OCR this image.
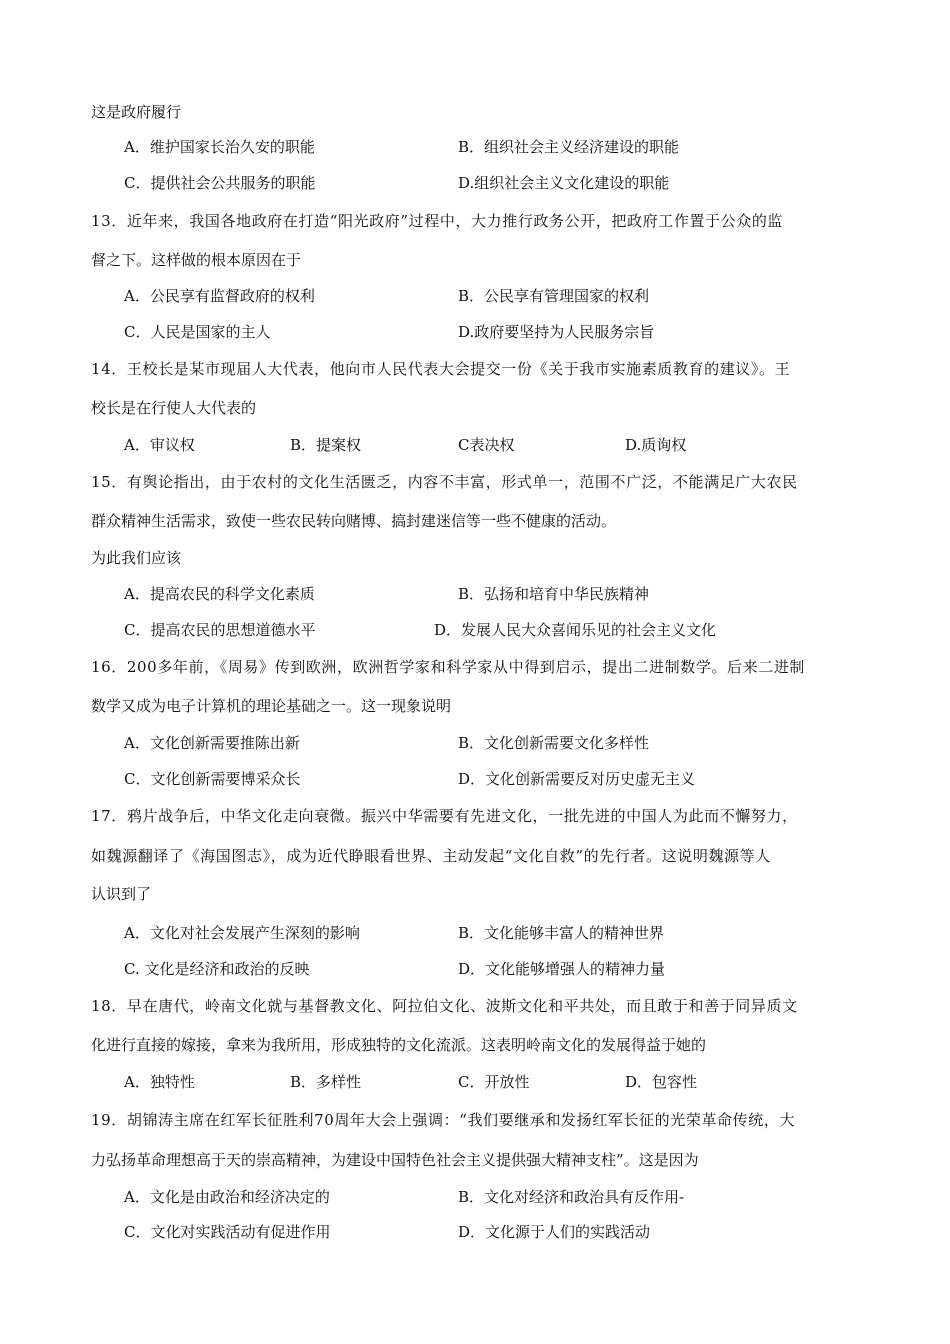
这是政府履行
A．维护国家长治久安的职能	B．组织社会主义经济建设的职能
C．提供社会公共服务的职能	D.组织社会主义文化建设的职能
13．近年来，我国各地政府在打造“阳光政府”过程中，大力推行政务公开，把政府工作置于公众的监
督之下。这样做的根本原因在于
A．公民享有监督政府的权利	B．公民享有管理国家的权利
C．人民是国家的主人	D.政府要坚持为人民服务宗旨
14．王校长是某市现届人大代表，他向市人民代表大会提交一份《关于我市实施素质教育的建议》。王
校长是在行使人大代表的
A．审议权	B．提案权	C表决权	D.质询权
15．有舆论指出，由于农村的文化生活匮乏，内容不丰富，形式单一，范围不广泛，不能满足广大农民
群众精神生活需求，致使一些农民转向赌博、搞封建迷信等一些不健康的活动。
为此我们应该
A．提高农民的科学文化素质	B．弘扬和培育中华民族精神
C．提高农民的思想道德水平	D．发展人民大众喜闻乐见的社会主义文化
16．200多年前，《周易》传到欧洲，欧洲哲学家和科学家从中得到启示，提出二进制数学。后来二进制
数学又成为电子计算机的理论基础之一。这一现象说明
A．文化创新需要推陈出新	B．文化创新需要文化多样性
C．文化创新需要博采众长	D．文化创新需要反对历史虚无主义
17．鸦片战争后，中华文化走向衰微。振兴中华需要有先进文化，一批先进的中国人为此而不懈努力，
如魏源翻译了《海国图志》，成为近代睁眼看世界、主动发起“文化自救”的先行者。这说明魏源等人
认识到了
A．文化对社会发展产生深刻的影响	B．文化能够丰富人的精神世界
C. 文化是经济和政治的反映	D．文化能够增强人的精神力量
18．早在唐代，岭南文化就与基督教文化、阿拉伯文化、波斯文化和平共处，而且敢于和善于同异质文
化进行直接的嫁接，拿来为我所用，形成独特的文化流派。这表明岭南文化的发展得益于她的
A．独特性	B．多样性	C．开放性	D．包容性
19．胡锦涛主席在红军长征胜利70周年大会上强调：“我们要继承和发扬红军长征的光荣革命传统，大
力弘扬革命理想高于天的崇高精神，为建设中国特色社会主义提供强大精神支柱”。这是因为
A．文化是由政治和经济决定的	B．文化对经济和政治具有反作用-
C．文化对实践活动有促进作用	D．文化源于人们的实践活动
